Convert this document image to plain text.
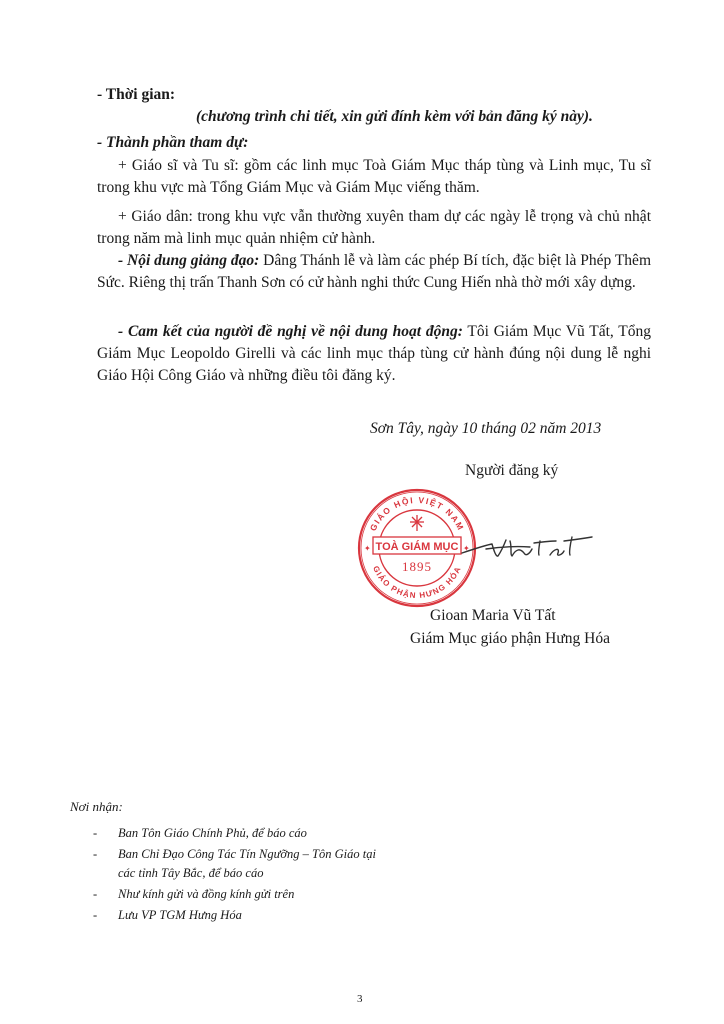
- Thời gian:
(chương trình chi tiết, xin gửi đính kèm với bản đăng ký này).
- Thành phần tham dự:
+ Giáo sĩ và Tu sĩ: gồm các linh mục Toà Giám Mục tháp tùng và Linh mục, Tu sĩ trong khu vực mà Tổng Giám Mục và Giám Mục viếng thăm.
+ Giáo dân: trong khu vực vẫn thường xuyên tham dự các ngày lễ trọng và chủ nhật trong năm mà linh mục quản nhiệm cử hành.
- Nội dung giảng đạo: Dâng Thánh lễ và làm các phép Bí tích, đặc biệt là Phép Thêm Sức. Riêng thị trấn Thanh Sơn có cử hành nghi thức Cung Hiến nhà thờ mới xây dựng.
- Cam kết của người đề nghị về nội dung hoạt động: Tôi Giám Mục Vũ Tất, Tổng Giám Mục Leopoldo Girelli và các linh mục tháp tùng cử hành đúng nội dung lễ nghi Giáo Hội Công Giáo và những điều tôi đăng ký.
Sơn Tây, ngày 10 tháng 02 năm 2013
Người đăng ký
GIÁO HỘI VIỆT NAM
GIÁO PHẬN HƯNG HÓA
✦	✦
TOÀ GIÁM MỤC
1895
Gioan Maria Vũ Tất
Giám Mục giáo phận Hưng Hóa
Nơi nhận:
- Ban Tôn Giáo Chính Phủ, để báo cáo
- Ban Chỉ Đạo Công Tác Tín Ngưỡng – Tôn Giáo tại
các tỉnh Tây Bắc, để báo cáo
- Như kính gửi và đồng kính gửi trên
- Lưu VP TGM Hưng Hóa
3
